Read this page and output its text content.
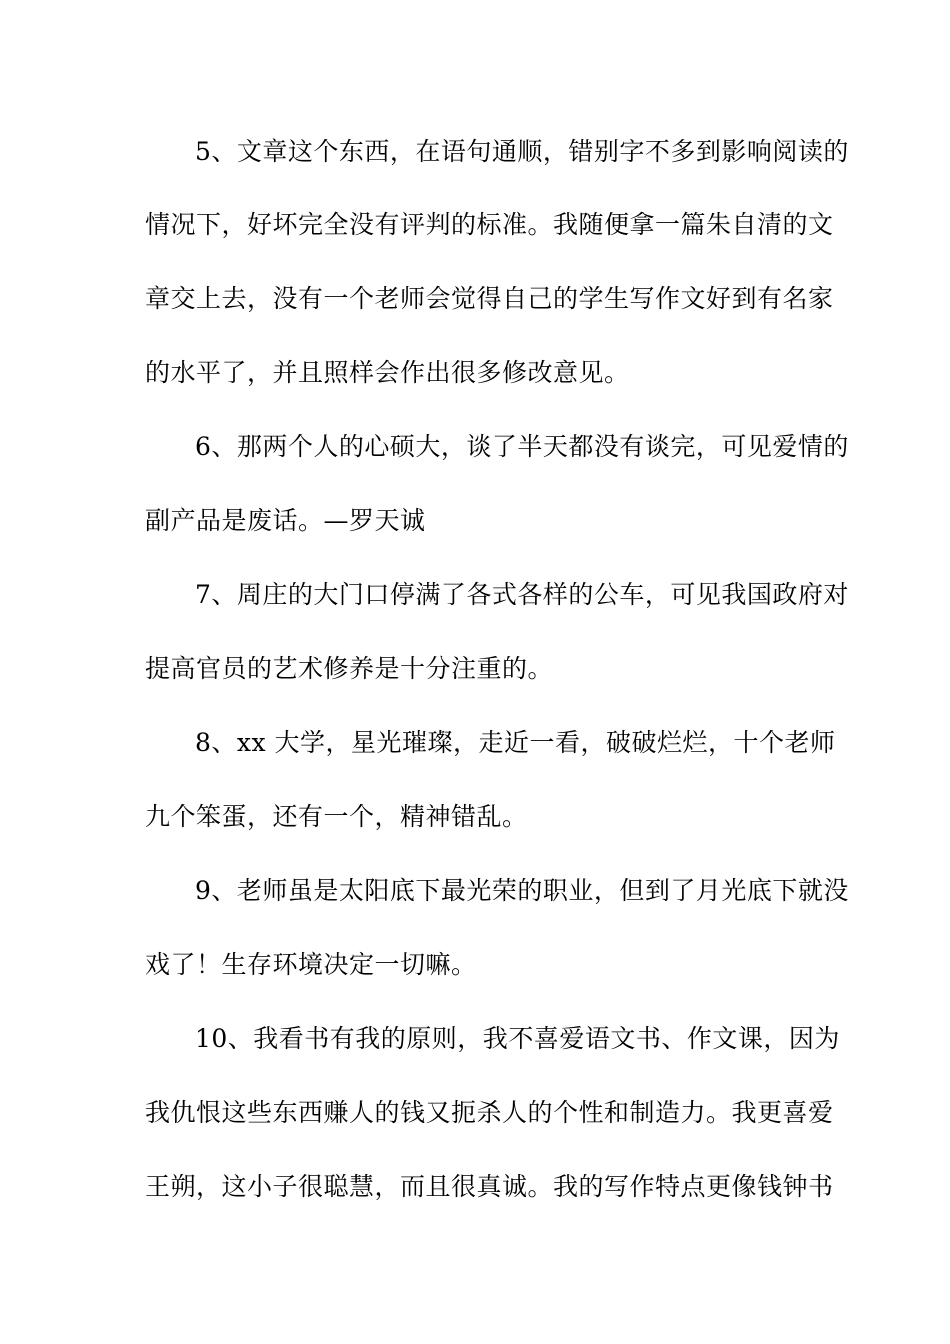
5、文章这个东西，在语句通顺，错别字不多到影响阅读的
情况下，好坏完全没有评判的标准。我随便拿一篇朱自清的文
章交上去，没有一个老师会觉得自己的学生写作文好到有名家
的水平了，并且照样会作出很多修改意见。
6、那两个人的心硕大，谈了半天都没有谈完，可见爱情的
副产品是废话。—罗天诚
7、周庄的大门口停满了各式各样的公车，可见我国政府对
提高官员的艺术修养是十分注重的。
8、xx 大学，星光璀璨，走近一看，破破烂烂，十个老师
九个笨蛋，还有一个，精神错乱。
9、老师虽是太阳底下最光荣的职业，但到了月光底下就没
戏了！生存环境决定一切嘛。
10、我看书有我的原则，我不喜爱语文书、作文课，因为
我仇恨这些东西赚人的钱又扼杀人的个性和制造力。我更喜爱
王朔，这小子很聪慧，而且很真诚。我的写作特点更像钱钟书
